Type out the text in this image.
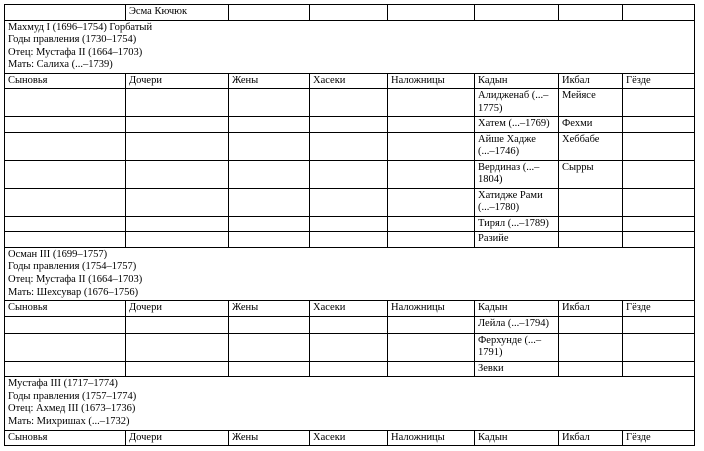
	Эсма Кючюк						

Махмуд I (1696–1754) Горбатый
Годы правления (1730–1754)
Отец: Мустафа II (1664–1703)
Мать: Салиха (...–1739)							

Сыновья	Дочери	Жены	Хасеки	Наложницы	Кадын	Икбал	Гёзде
					Алидженаб (...–1775)	Мейясе	
					Хатем (...–1769)	Фехми	
					Айше Хадже (...–1746)	Хеббабе	
					Вердиназ (...–1804)	Сырры	
					Хатидже Рами (...–1780)		
					Тирял (...–1789)		
					Разийе		

Осман III (1699–1757)
Годы правления (1754–1757)
Отец: Мустафа II (1664–1703)
Мать: Шехсувар (1676–1756)							

Сыновья	Дочери	Жены	Хасеки	Наложницы	Кадын	Икбал	Гёзде
					Лейла (...–1794)		
					Ферхунде (...–1791)		
					Зевки		

Мустафа III (1717–1774)
Годы правления (1757–1774)
Отец: Ахмед III (1673–1736)
Мать: Михришах (...–1732)							

Сыновья	Дочери	Жены	Хасеки	Наложницы	Кадын	Икбал	Гёзде
